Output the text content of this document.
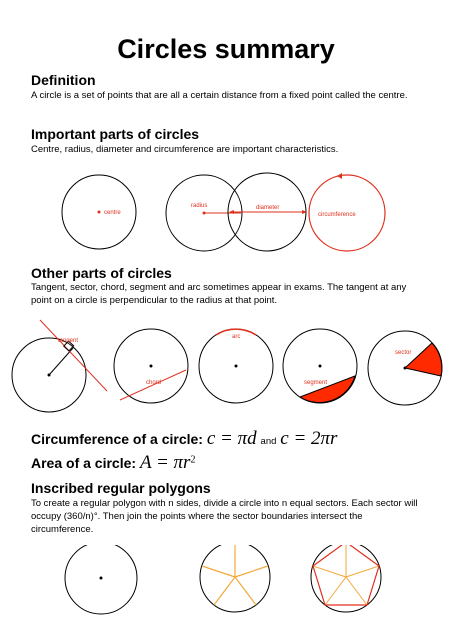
Circles summary
Definition
A circle is a set of points that are all a certain distance from a fixed point called the centre.
Important parts of circles
Centre, radius, diameter and circumference are important characteristics.
centre
radius	diameter
circumference
Other parts of circles
Tangent, sector, chord, segment and arc sometimes appear in exams. The tangent at any point on a circle is perpendicular to the radius at that point.
tangent
chord
arc
segment
sector
Circumference of a circle: c = πd and c = 2πr
Area of a circle: $A = \pi r^2$
Inscribed regular polygons
To create a regular polygon with n sides, divide a circle into n equal sectors. Each sector will occupy (360/n)°. Then join the points where the sector boundaries intersect the circumference.
